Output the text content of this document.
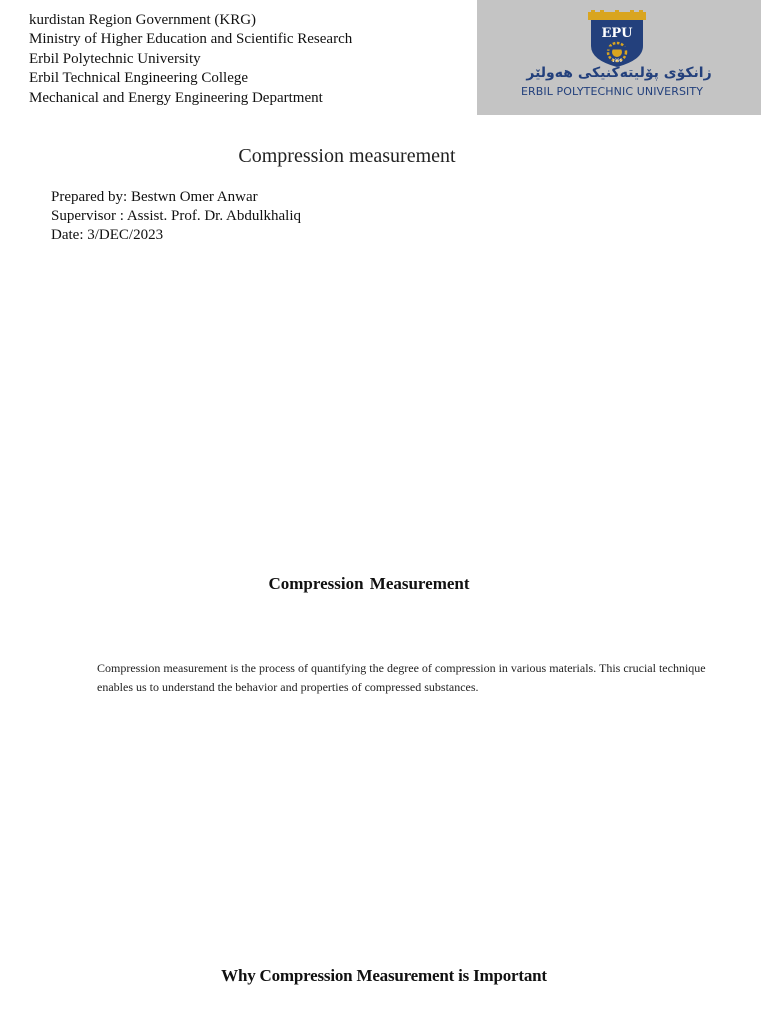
kurdistan Region Government (KRG)
Ministry of Higher Education and Scientific Research
Erbil Polytechnic University
Erbil Technical Engineering College
Mechanical and Energy Engineering Department
1996
EPU
زانكۆی پۆلیتەكنیكی هەولێر
ERBIL POLYTECHNIC UNIVERSITY
Compression measurement
Prepared by: Bestwn Omer Anwar
Supervisor : Assist. Prof. Dr. Abdulkhaliq
Date: 3/DEC/2023
Compression Measurement
Compression measurement is the process of quantifying the degree of compression in various materials. This crucial technique enables us to understand the behavior and properties of compressed substances.
Why Compression Measurement is Important
